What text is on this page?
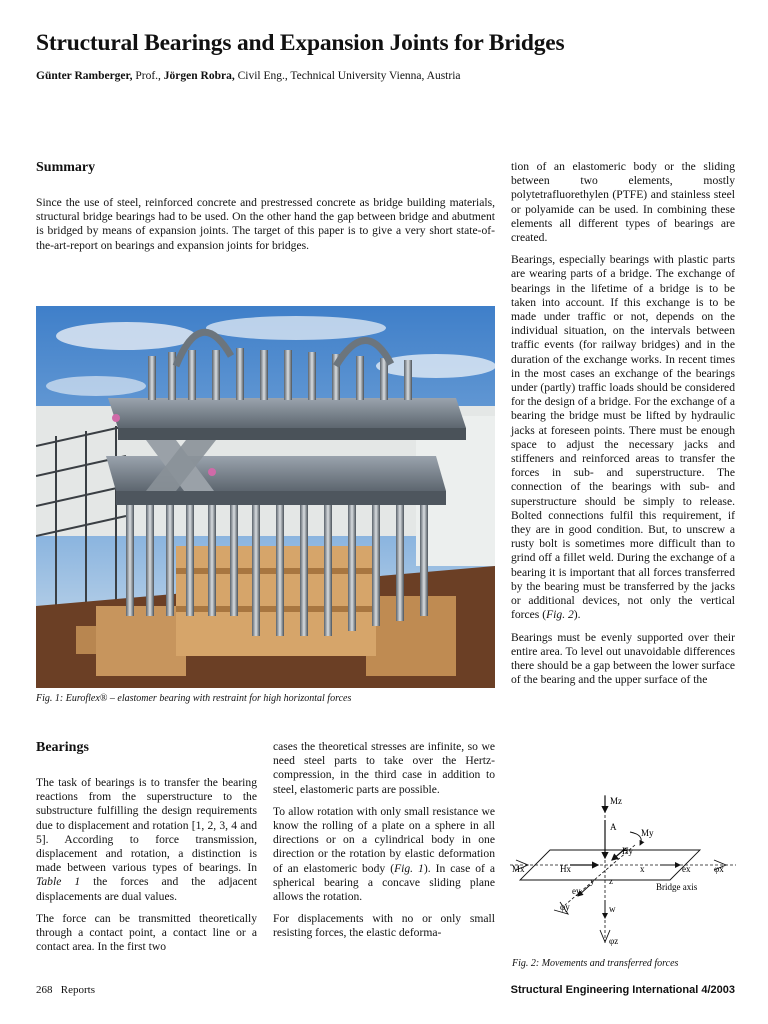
Structural Bearings and Expansion Joints for Bridges
Günter Ramberger, Prof., Jörgen Robra, Civil Eng., Technical University Vienna, Austria
Summary

Since the use of steel, reinforced concrete and prestressed concrete as bridge building materials, structural bridge bearings had to be used. On the other hand the gap between bridge and abutment is bridged by means of expansion joints. The target of this paper is to give a very short state-of-the-art-report on bearings and expansion joints for bridges.

Fig. 1: Euroflex® – elastomer bearing with restraint for high horizontal forces
Bearings

The task of bearings is to transfer the bearing reactions from the superstructure to the substructure fulfilling the design requirements due to displacement and rotation [1, 2, 3, 4 and 5]. According to force transmission, displacement and rotation, a distinction is made between various types of bearings. In Table 1 the forces and the adjacent displacements are dual values.

The force can be transmitted theoretically through a contact point, a contact line or a contact area. In the first two

cases the theoretical stresses are infinite, so we need steel parts to take over the Hertz-compression, in the third case in addition to steel, elastomeric parts are possible.

To allow rotation with only small resistance we know the rolling of a plate on a sphere in all directions or on a cylindrical body in one direction or the rotation by elastic deformation of an elastomeric body (Fig. 1). In case of a spherical bearing a concave sliding plane allows the rotation.

For displacements with no or only small resisting forces, the elastic deforma-

tion of an elastomeric body or the sliding between two elements, mostly polytetrafluorethylen (PTFE) and stainless steel or polyamide can be used. In combining these elements all different types of bearings are created.

Bearings, especially bearings with plastic parts are wearing parts of a bridge. The exchange of bearings in the lifetime of a bridge is to be taken into account. If this exchange is to be made under traffic or not, depends on the individual situation, on the intervals between traffic events (for railway bridges) and in the duration of the exchange works. In recent times in the most cases an exchange of the bearings under (partly) traffic loads should be considered for the design of a bridge. For the exchange of a bearing the bridge must be lifted by hydraulic jacks at foreseen points. There must be enough space to adjust the necessary jacks and stiffeners and reinforced areas to transfer the forces in sub- and superstructure. The connection of the bearings with sub- and superstructure should be simply to release. Bolted connections fulfil this requirement, if they are in good condition. But, to unscrew a rusty bolt is sometimes more difficult than to grind off a fillet weld. During the exchange of a bearing it is important that all forces transferred by the bearing must be transferred by the jacks or additional devices, not only the vertical forces (Fig. 2).

Bearings must be evenly supported over their entire area. To level out unavoidable differences there should be a gap between the lower surface of the bearing and the upper surface of the

Mz
A
My
Hy
Mx	Hx	x	ex	φx
y z
ey
φy	w
φz
Bridge axis
Fig. 2: Movements and transferred forces
268 Reports	Structural Engineering International 4/2003
